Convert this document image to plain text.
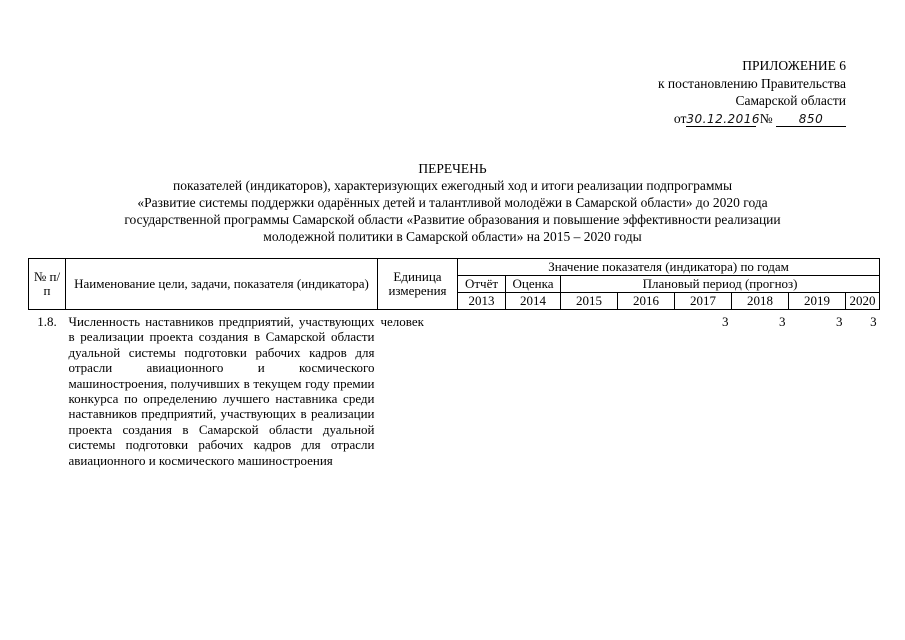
ПРИЛОЖЕНИЕ 6
к постановлению Правительства
Самарской области
от30.12.2016 № 850
ПЕРЕЧЕНЬ
показателей (индикаторов), характеризующих ежегодный ход и итоги реализации подпрограммы
«Развитие системы поддержки одарённых детей и талантливой молодёжи в Самарской области» до 2020 года
государственной программы Самарской области «Развитие образования и повышение эффективности реализации
молодежной политики в Самарской области» на 2015 – 2020 годы
№ п/п	Наименование цели, задачи, показателя (индикатора)	Единица измерения	Значение показателя (индикатора) по годам							
			Отчёт	Оценка	Плановый период (прогноз)					
			2013	2014	2015	2016	2017	2018	2019	2020
1.8.	Численность наставников предприятий, участвующих в реализации проекта создания в Самарской области дуальной системы подготовки рабочих кадров для отрасли авиационного и космического машиностроения, получивших в текущем году премии конкурса по определению лучшего наставника среди наставников предприятий, участвующих в реализации проекта создания в Самарской области дуальной системы подготовки рабочих кадров для отрасли авиационного и космического машиностроения	человек					3	3	3	3
